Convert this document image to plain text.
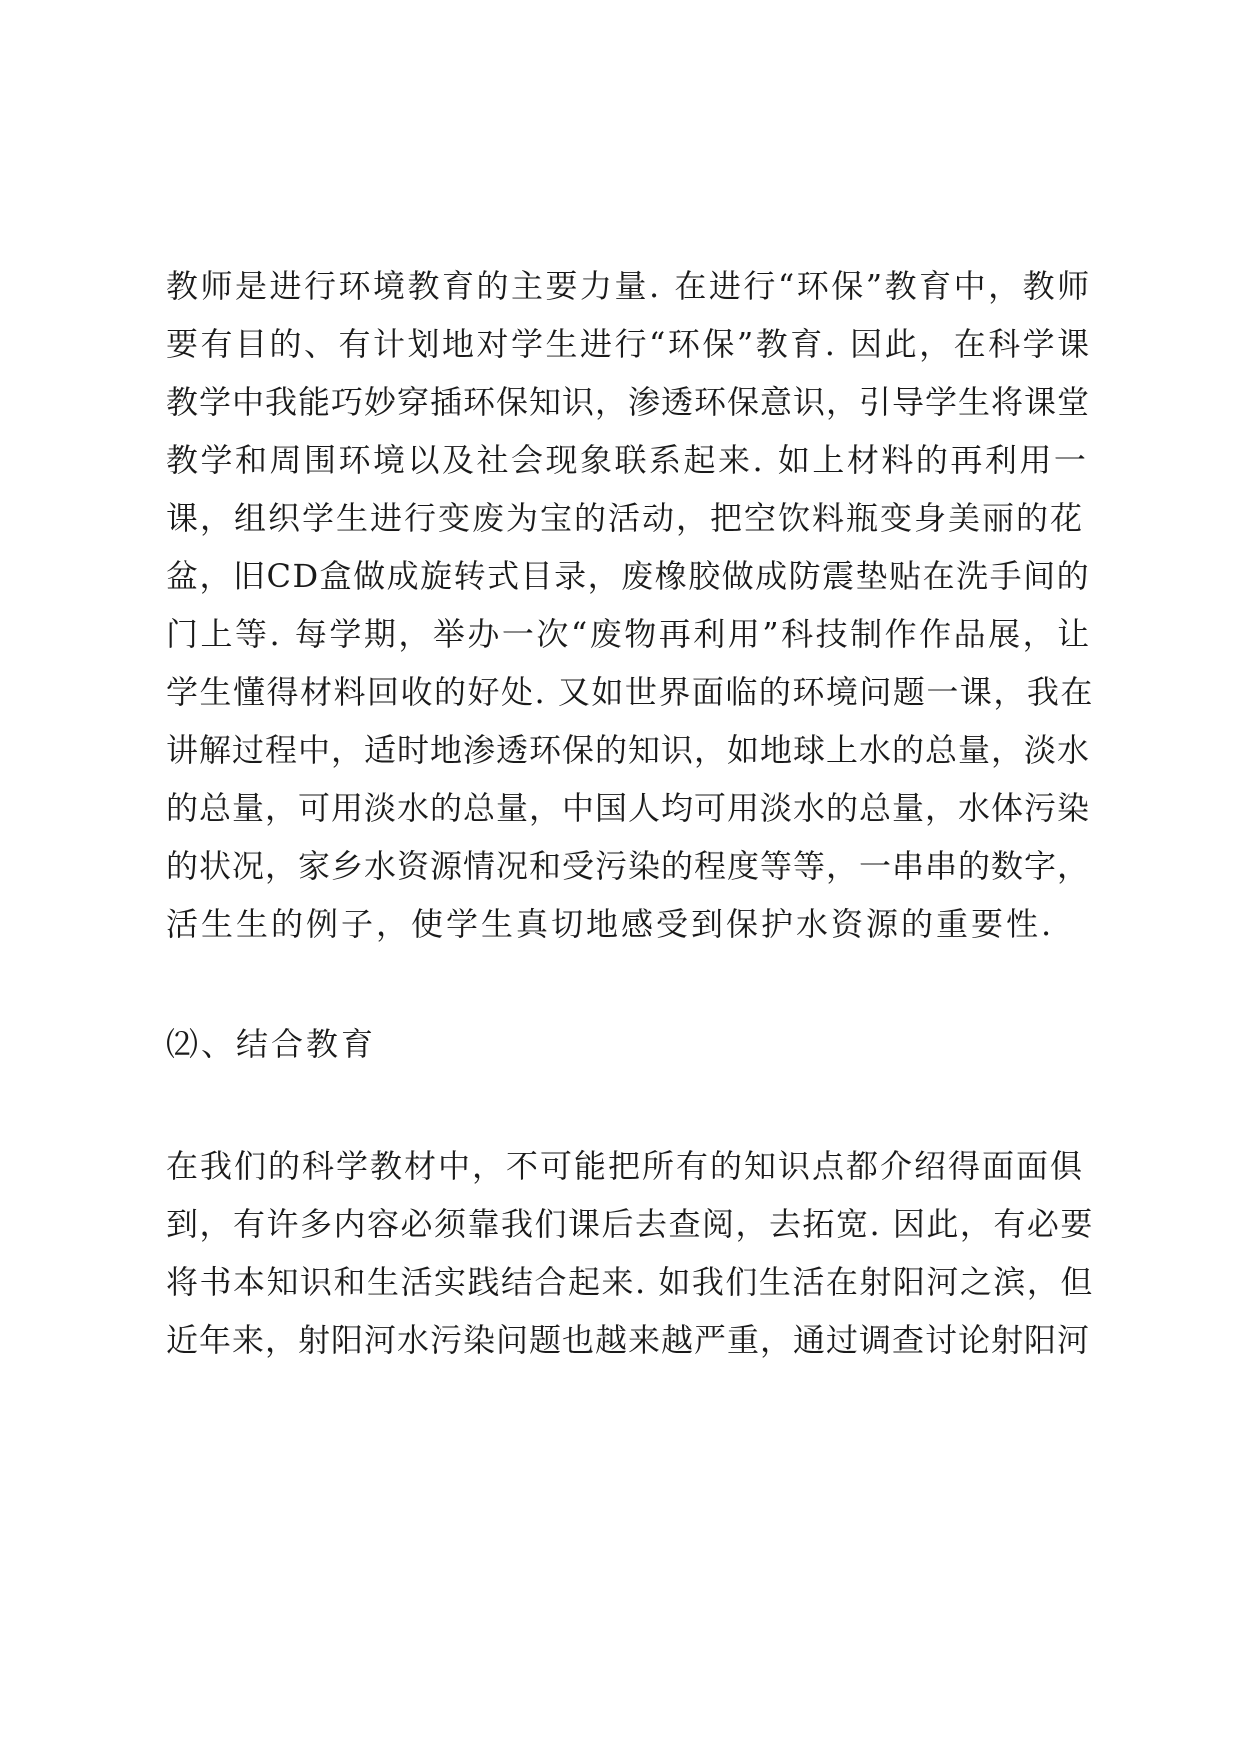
教师是进行环境教育的主要力量. 在进行“环保”教育中，教师
要有目的、有计划地对学生进行“环保”教育. 因此，在科学课
教学中我能巧妙穿插环保知识，渗透环保意识，引导学生将课堂
教学和周围环境以及社会现象联系起来. 如上材料的再利用一
课，组织学生进行变废为宝的活动，把空饮料瓶变身美丽的花
盆，旧CD盒做成旋转式目录，废橡胶做成防震垫贴在洗手间的
门上等. 每学期，举办一次“废物再利用”科技制作作品展，让
学生懂得材料回收的好处. 又如世界面临的环境问题一课，我在
讲解过程中，适时地渗透环保的知识，如地球上水的总量，淡水
的总量，可用淡水的总量，中国人均可用淡水的总量，水体污染
的状况，家乡水资源情况和受污染的程度等等，一串串的数字，
活生生的例子，使学生真切地感受到保护水资源的重要性.
⑵、结合教育
在我们的科学教材中，不可能把所有的知识点都介绍得面面俱
到，有许多内容必须靠我们课后去查阅，去拓宽. 因此，有必要
将书本知识和生活实践结合起来. 如我们生活在射阳河之滨，但
近年来，射阳河水污染问题也越来越严重，通过调查讨论射阳河
